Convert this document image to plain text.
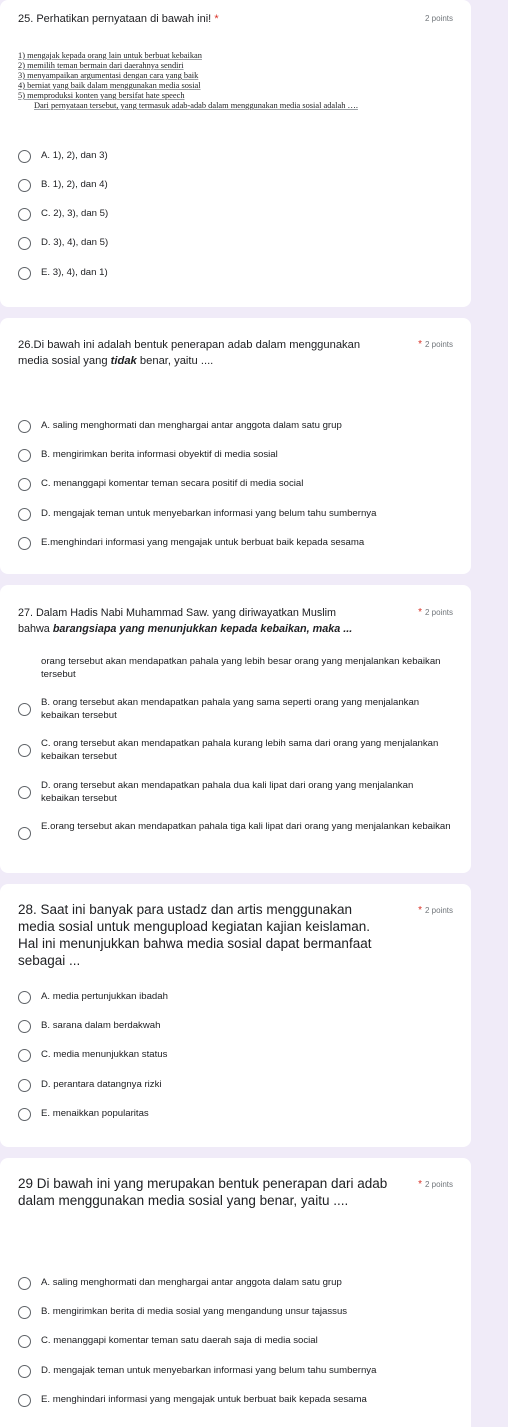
25. Perhatikan pernyataan di bawah ini! *	2 points
1) mengajak kepada orang lain untuk berbuat kebaikan
2) memilih teman bermain dari daerahnya sendiri
3) menyampaikan argumentasi dengan cara yang baik
4) berniat yang baik dalam menggunakan media sosial
5) memproduksi konten yang bersifat hate speech
Dari pernyataan tersebut, yang termasuk adab-adab dalam menggunakan media sosial adalah ….
A. 1), 2), dan 3)
B. 1), 2), dan 4)
C. 2), 3), dan 5)
D. 3), 4), dan 5)
E. 3), 4), dan 1)
26.Di bawah ini adalah bentuk penerapan adab dalam menggunakan
media sosial yang tidak benar, yaitu ....
* 2 points
A. saling menghormati dan menghargai antar anggota dalam satu grup
B. mengirimkan berita informasi obyektif di media sosial
C. menanggapi komentar teman secara positif di media social
D. mengajak teman untuk menyebarkan informasi yang belum tahu sumbernya
E.menghindari informasi yang mengajak untuk berbuat baik kepada sesama
27. Dalam Hadis Nabi Muhammad Saw. yang diriwayatkan Muslim
bahwa barangsiapa yang menunjukkan kepada kebaikan, maka ...
* 2 points
orang tersebut akan mendapatkan pahala yang lebih besar orang yang menjalankan kebaikan tersebut
B. orang tersebut akan mendapatkan pahala yang sama seperti orang yang menjalankan kebaikan tersebut
C. orang tersebut akan mendapatkan pahala kurang lebih sama dari orang yang menjalankan kebaikan tersebut
D. orang tersebut akan mendapatkan pahala dua kali lipat dari orang yang menjalankan kebaikan tersebut
E.orang tersebut akan mendapatkan pahala tiga kali lipat dari orang yang menjalankan kebaikan
28. Saat ini banyak para ustadz dan artis menggunakan media sosial untuk mengupload kegiatan kajian keislaman. Hal ini menunjukkan bahwa media sosial dapat bermanfaat sebagai ...
* 2 points
A. media pertunjukkan ibadah
B. sarana dalam berdakwah
C. media menunjukkan status
D. perantara datangnya rizki
E. menaikkan popularitas
29 Di bawah ini yang merupakan bentuk penerapan dari adab dalam menggunakan media sosial yang benar, yaitu ....
* 2 points
A. saling menghormati dan menghargai antar anggota dalam satu grup
B. mengirimkan berita di media sosial yang mengandung unsur tajassus
C. menanggapi komentar teman satu daerah saja di media social
D. mengajak teman untuk menyebarkan informasi yang belum tahu sumbernya
E. menghindari informasi yang mengajak untuk berbuat baik kepada sesama
